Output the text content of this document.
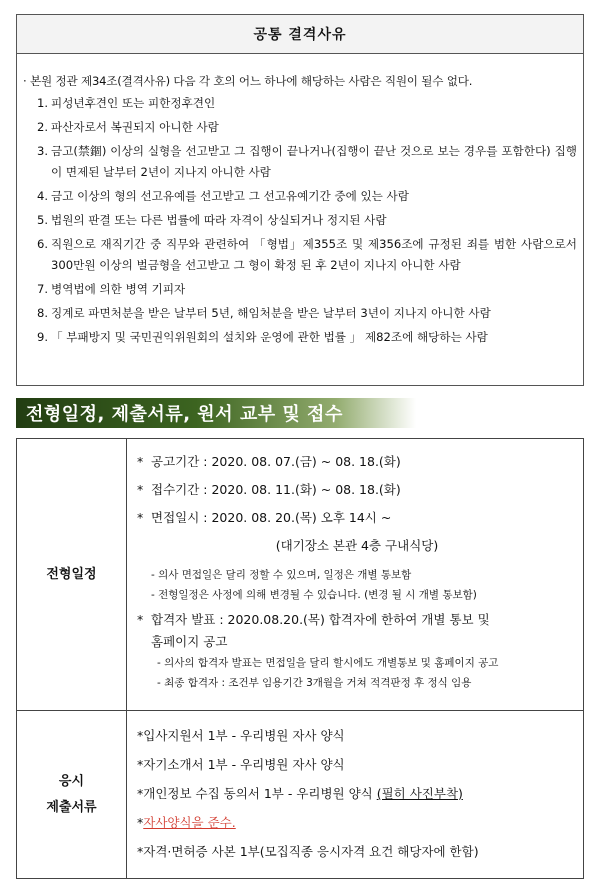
공통 결격사유
· 본원 정관 제34조(결격사유) 다음 각 호의 어느 하나에 해당하는 사람은 직원이 될수 없다.
1. 피성년후견인 또는 피한정후견인
2. 파산자로서 복권되지 아니한 사람
3. 금고(禁錮) 이상의 실형을 선고받고 그 집행이 끝나거나(집행이 끝난 것으로 보는 경우를 포함한다) 집행이 면제된 날부터 2년이 지나지 아니한 사람
4. 금고 이상의 형의 선고유예를 선고받고 그 선고유예기간 중에 있는 사람
5. 법원의 판결 또는 다른 법률에 따라 자격이 상실되거나 정지된 사람
6. 직원으로 재직기간 중 직무와 관련하여 「형법」제355조 및 제356조에 규정된 죄를 범한 사람으로서 300만원 이상의 벌금형을 선고받고 그 형이 확정 된 후 2년이 지나지 아니한 사람
7. 병역법에 의한 병역 기피자
8. 징계로 파면처분을 받은 날부터 5년, 해임처분을 받은 날부터 3년이 지나지 아니한 사람
9. 「 부패방지 및 국민권익위원회의 설치와 운영에 관한 법률 」 제82조에 해당하는 사람
전형일정, 제출서류, 원서 교부 및 접수
전형일정
* 공고기간 : 2020. 08. 07.(금) ~ 08. 18.(화)
* 접수기간 : 2020. 08. 11.(화) ~ 08. 18.(화)
* 면접일시 : 2020. 08. 20.(목) 오후 14시 ~
(대기장소 본관 4층 구내식당)
- 의사 면접일은 달리 정할 수 있으며, 일정은 개별 통보함
- 전형일정은 사정에 의해 변경될 수 있습니다. (변경 될 시 개별 통보함)
* 합격자 발표 : 2020.08.20.(목) 합격자에 한하여 개별 통보 및
홈페이지 공고
- 의사의 합격자 발표는 면접일을 달리 할시에도 개별통보 및 홈페이지 공고
- 최종 합격자 : 조건부 임용기간 3개월을 거쳐 적격판정 후 정식 임용
응시
제출서류
*입사지원서 1부 - 우리병원 자사 양식
*자기소개서 1부 - 우리병원 자사 양식
*개인정보 수집 동의서 1부 - 우리병원 양식 (필히 사진부착)
*자사양식을 준수.
*자격·면허증 사본 1부(모집직종 응시자격 요건 해당자에 한함)
